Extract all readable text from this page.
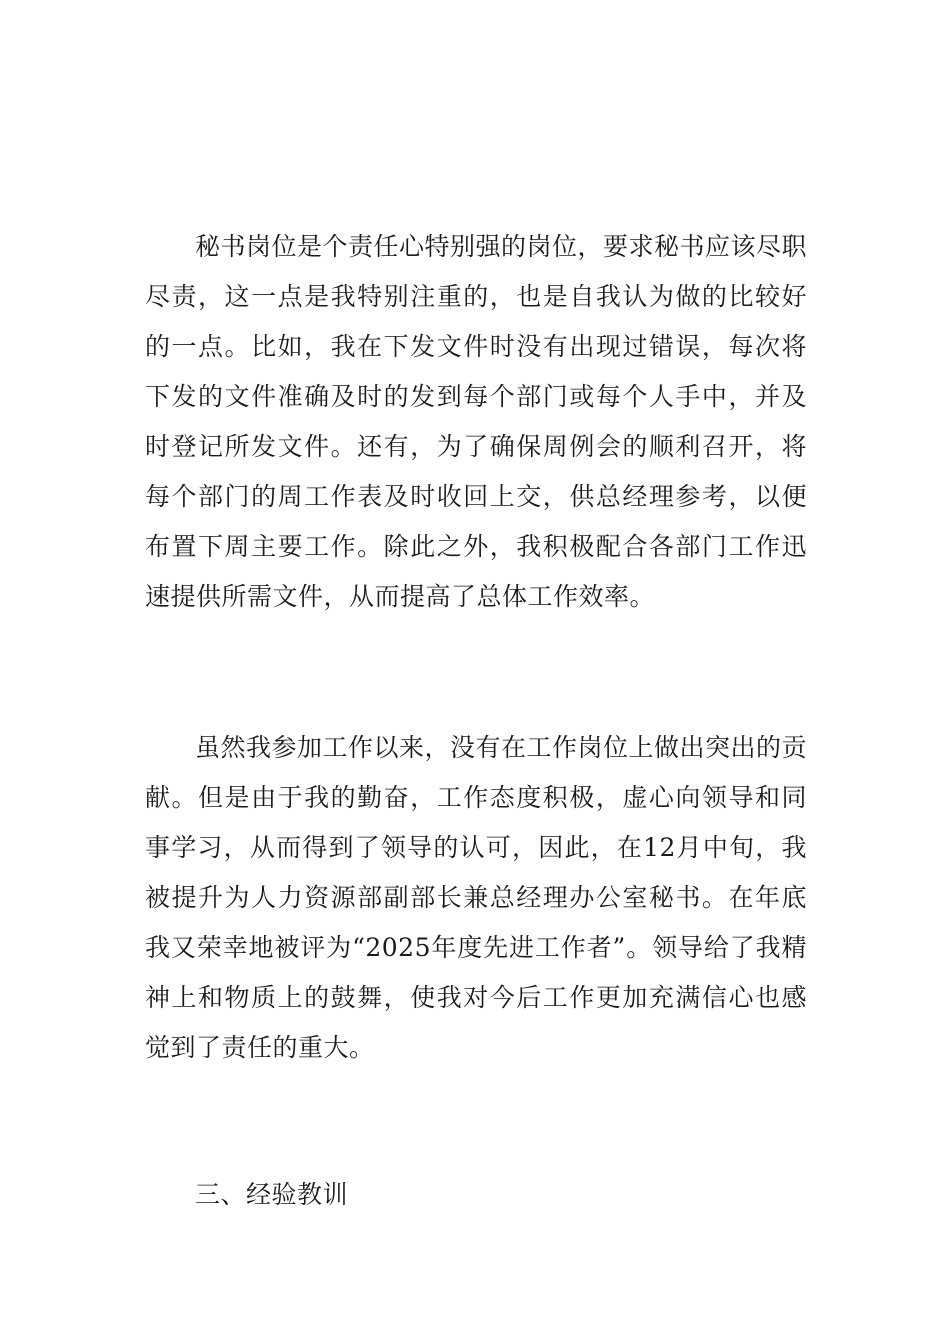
秘书岗位是个责任心特别强的岗位，要求秘书应该尽职尽责，这一点是我特别注重的，也是自我认为做的比较好的一点。比如，我在下发文件时没有出现过错误，每次将下发的文件准确及时的发到每个部门或每个人手中，并及时登记所发文件。还有，为了确保周例会的顺利召开，将每个部门的周工作表及时收回上交，供总经理参考，以便布置下周主要工作。除此之外，我积极配合各部门工作迅速提供所需文件，从而提高了总体工作效率。

虽然我参加工作以来，没有在工作岗位上做出突出的贡献。但是由于我的勤奋，工作态度积极，虚心向领导和同事学习，从而得到了领导的认可，因此，在12月中旬，我被提升为人力资源部副部长兼总经理办公室秘书。在年底我又荣幸地被评为“2025年度先进工作者”。领导给了我精神上和物质上的鼓舞，使我对今后工作更加充满信心也感觉到了责任的重大。

三、经验教训
